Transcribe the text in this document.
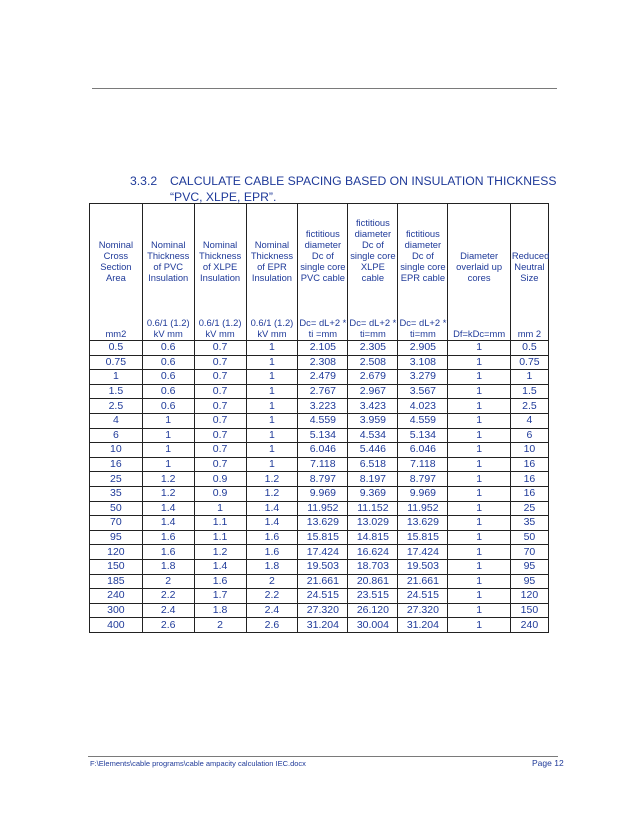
3.3.2 CALCULATE CABLE SPACING BASED ON INSULATION THICKNESS “PVC, XLPE, EPR”.
Nominal Cross Section Area	Nominal Thickness of PVC Insulation	Nominal Thickness of XLPE Insulation	Nominal Thickness of EPR Insulation	fictitious diameter Dc of single core PVC cable	fictitious diameter Dc of single core XLPE cable	fictitious diameter Dc of single core EPR cable	Diameter overlaid up cores	Reduced Neutral Size
mm2	0.6/1 (1.2) kV mm	0.6/1 (1.2) kV mm	0.6/1 (1.2) kV mm	Dc= dL+2 * ti =mm	Dc= dL+2 * ti=mm	Dc= dL+2 * ti=mm	Df=kDc=mm	mm 2
0.5	0.6	0.7	1	2.105	2.305	2.905	1	0.5
0.75	0.6	0.7	1	2.308	2.508	3.108	1	0.75
1	0.6	0.7	1	2.479	2.679	3.279	1	1
1.5	0.6	0.7	1	2.767	2.967	3.567	1	1.5
2.5	0.6	0.7	1	3.223	3.423	4.023	1	2.5
4	1	0.7	1	4.559	3.959	4.559	1	4
6	1	0.7	1	5.134	4.534	5.134	1	6
10	1	0.7	1	6.046	5.446	6.046	1	10
16	1	0.7	1	7.118	6.518	7.118	1	16
25	1.2	0.9	1.2	8.797	8.197	8.797	1	16
35	1.2	0.9	1.2	9.969	9.369	9.969	1	16
50	1.4	1	1.4	11.952	11.152	11.952	1	25
70	1.4	1.1	1.4	13.629	13.029	13.629	1	35
95	1.6	1.1	1.6	15.815	14.815	15.815	1	50
120	1.6	1.2	1.6	17.424	16.624	17.424	1	70
150	1.8	1.4	1.8	19.503	18.703	19.503	1	95
185	2	1.6	2	21.661	20.861	21.661	1	95
240	2.2	1.7	2.2	24.515	23.515	24.515	1	120
300	2.4	1.8	2.4	27.320	26.120	27.320	1	150
400	2.6	2	2.6	31.204	30.004	31.204	1	240
F:\Elements\cable programs\cable ampacity calculation IEC.docx	Page 12
